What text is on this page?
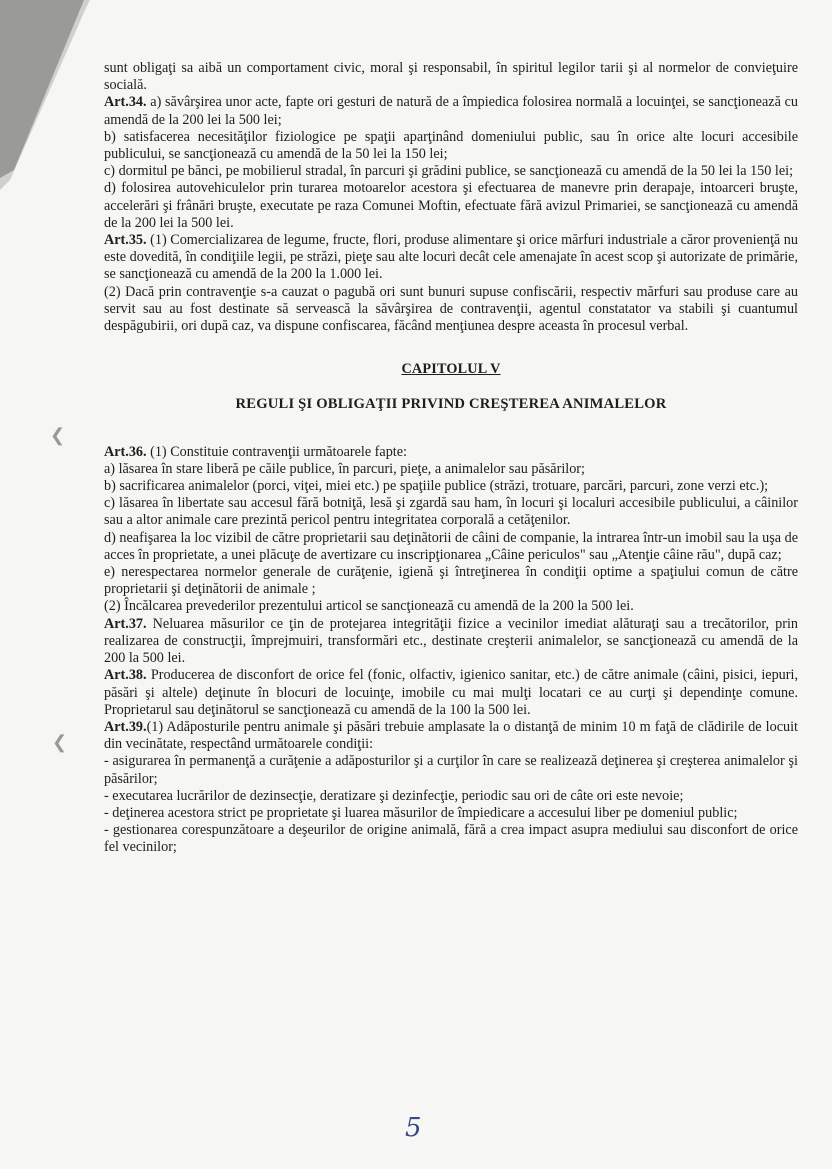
❮
❮

sunt obligaţi sa aibă un comportament civic, moral şi responsabil, în spiritul legilor tarii şi al normelor de convieţuire socială.

Art.34. a) săvârşirea unor acte, fapte ori gesturi de natură de a împiedica folosirea normală a locuinţei, se sancţionează cu amendă de la 200 lei la 500 lei;

b) satisfacerea necesităţilor fiziologice pe spaţii aparţinând domeniului public, sau în orice alte locuri accesibile publicului, se sancţionează cu amendă de la 50 lei la 150 lei;

c) dormitul pe bănci, pe mobilierul stradal, în parcuri şi grădini publice, se sancţionează cu amendă de la 50 lei la 150 lei;

d) folosirea autovehiculelor prin turarea motoarelor acestora şi efectuarea de manevre prin derapaje, intoarceri bruşte, accelerări şi frânări bruşte, executate pe raza Comunei Moftin, efectuate fără avizul Primariei, se sancţionează cu amendă de la 200 lei la 500 lei.

Art.35. (1) Comercializarea de legume, fructe, flori, produse alimentare şi orice mărfuri industriale a căror provenienţă nu este dovedită, în condiţiile legii, pe străzi, pieţe sau alte locuri decât cele amenajate în acest scop şi autorizate de primărie, se sancţionează cu amendă de la 200 la 1.000 lei.

(2) Dacă prin contravenţie s-a cauzat o pagubă ori sunt bunuri supuse confiscării, respectiv mărfuri sau produse care au servit sau au fost destinate să servească la săvârşirea de contravenţii, agentul constatator va stabili şi cuantumul despăgubirii, ori după caz, va dispune confiscarea, făcând menţiunea despre aceasta în procesul verbal.

CAPITOLUL V
REGULI ŞI OBLIGAŢII PRIVIND CREŞTEREA ANIMALELOR

Art.36. (1) Constituie contravenţii următoarele fapte:

a) lăsarea în stare liberă pe căile publice, în parcuri, pieţe, a animalelor sau păsărilor;

b) sacrificarea animalelor (porci, viţei, miei etc.) pe spaţiile publice (străzi, trotuare, parcări, parcuri, zone verzi etc.);

c) lăsarea în libertate sau accesul fără botniţă, lesă şi zgardă sau ham, în locuri şi localuri accesibile publicului, a câinilor sau a altor animale care prezintă pericol pentru integritatea corporală a cetăţenilor.

d) neafişarea la loc vizibil de către proprietarii sau deţinătorii de câini de companie, la intrarea într-un imobil sau la uşa de acces în proprietate, a unei plăcuţe de avertizare cu inscripţionarea „Câine periculos" sau „Atenţie câine rău", după caz;

e) nerespectarea normelor generale de curăţenie, igienă şi întreţinerea în condiţii optime a spaţiului comun de către proprietarii şi deţinătorii de animale ;

(2) Încălcarea prevederilor prezentului articol se sancţionează cu amendă de la 200 la 500 lei.

Art.37. Neluarea măsurilor ce ţin de protejarea integrităţii fizice a vecinilor imediat alăturaţi sau a trecătorilor, prin realizarea de construcţii, împrejmuiri, transformări etc., destinate creşterii animalelor, se sancţionează cu amendă de la 200 la 500 lei.

Art.38. Producerea de disconfort de orice fel (fonic, olfactiv, igienico sanitar, etc.) de către animale (câini, pisici, iepuri, păsări şi altele) deţinute în blocuri de locuinţe, imobile cu mai mulţi locatari ce au curţi şi dependinţe comune. Proprietarul sau deţinătorul se sancţionează cu amendă de la 100 la 500 lei.

Art.39.(1) Adăposturile pentru animale şi păsări trebuie amplasate la o distanţă de minim 10 m faţă de clădirile de locuit din vecinătate, respectând următoarele condiţii:

- asigurarea în permanenţă a curăţenie a adăposturilor şi a curţilor în care se realizează deţinerea şi creşterea animalelor şi păsărilor;

- executarea lucrărilor de dezinsecţie, deratizare şi dezinfecţie, periodic sau ori de câte ori este nevoie;

- deţinerea acestora strict pe proprietate şi luarea măsurilor de împiedicare a accesului liber pe domeniul public;

- gestionarea corespunzătoare a deşeurilor de origine animală, fără a crea impact asupra mediului sau disconfort de orice fel vecinilor;

5
